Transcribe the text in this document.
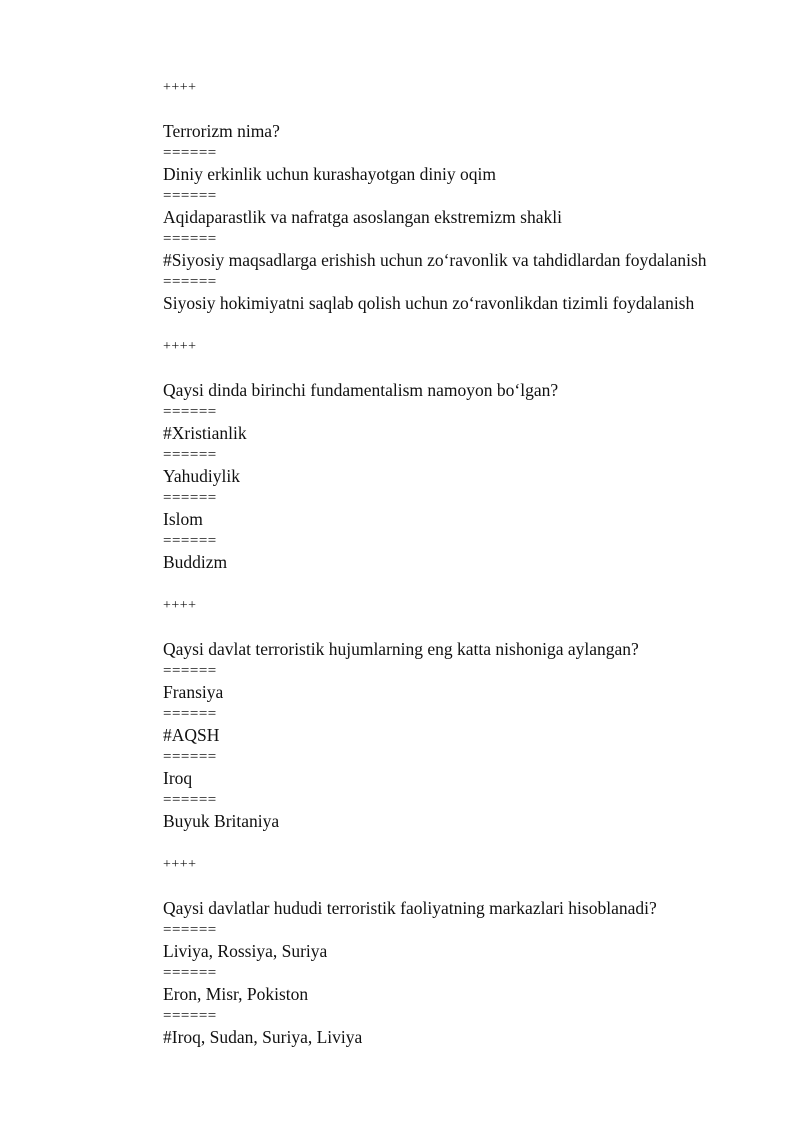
++++
Terrorizm nima?
======
Diniy erkinlik uchun kurashayotgan diniy oqim
======
Aqidaparastlik va nafratga asoslangan ekstremizm shakli
======
#Siyosiy maqsadlarga erishish uchun zo‘ravonlik va tahdidlardan foydalanish
======
Siyosiy hokimiyatni saqlab qolish uchun zo‘ravonlikdan tizimli foydalanish
++++
Qaysi dinda birinchi fundamentalism namoyon bo‘lgan?
======
#Xristianlik
======
Yahudiylik
======
Islom
======
Buddizm
++++
Qaysi davlat terroristik hujumlarning eng katta nishoniga aylangan?
======
Fransiya
======
#AQSH
======
Iroq
======
Buyuk Britaniya
++++
Qaysi davlatlar hududi terroristik faoliyatning markazlari hisoblanadi?
======
Liviya, Rossiya, Suriya
======
Eron, Misr, Pokiston
======
#Iroq, Sudan, Suriya, Liviya
